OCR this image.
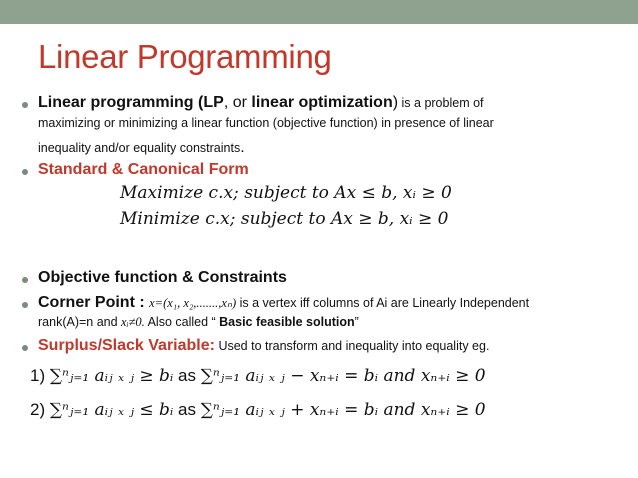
Linear Programming
Linear programming (LP, or linear optimization) is a problem of
maximizing or minimizing a linear function (objective function) in presence of linear
inequality and/or equality constraints.
Standard & Canonical Form
Maximize c.x; subject to Ax ≤ b, xᵢ ≥ 0
Minimize c.x; subject to Ax ≥ b, xᵢ ≥ 0
Objective function & Constraints
Corner Point : x=(x₁, x₂,.......,xₙ) is a vertex iff columns of Ai are Linearly Independent
rank(A)=n and xᵢ≠0. Also called “ Basic feasible solution”
Surplus/Slack Variable: Used to transform and inequality into equality eg.
1) ∑ⁿⱼ₌₁ aᵢⱼ ₓ ⱼ ≥ bᵢ as ∑ⁿⱼ₌₁ aᵢⱼ ₓ ⱼ − xₙ₊ᵢ = bᵢ and xₙ₊ᵢ ≥ 0
2) ∑ⁿⱼ₌₁ aᵢⱼ ₓ ⱼ ≤ bᵢ as ∑ⁿⱼ₌₁ aᵢⱼ ₓ ⱼ + xₙ₊ᵢ = bᵢ and xₙ₊ᵢ ≥ 0
